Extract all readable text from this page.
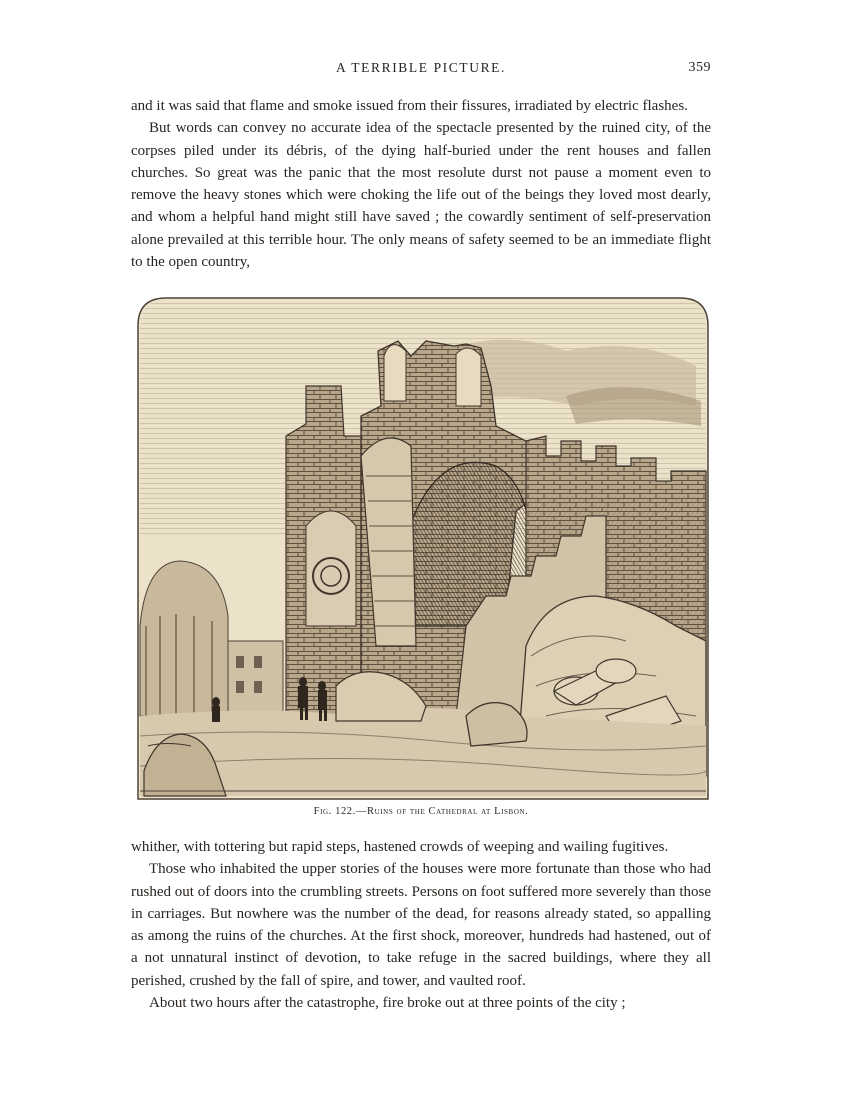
A TERRIBLE PICTURE.	359

and it was said that flame and smoke issued from their fissures, irradiated by electric flashes.

But words can convey no accurate idea of the spectacle presented by the ruined city, of the corpses piled under its débris, of the dying half-buried under the rent houses and fallen churches. So great was the panic that the most resolute durst not pause a moment even to remove the heavy stones which were choking the life out of the beings they loved most dearly, and whom a helpful hand might still have saved ; the cowardly sentiment of self-preservation alone prevailed at this terrible hour. The only means of safety seemed to be an immediate flight to the open country,

Fig. 122.—Ruins of the Cathedral at Lisbon.

whither, with tottering but rapid steps, hastened crowds of weeping and wailing fugitives.

Those who inhabited the upper stories of the houses were more fortunate than those who had rushed out of doors into the crumbling streets. Persons on foot suffered more severely than those in carriages. But nowhere was the number of the dead, for reasons already stated, so appalling as among the ruins of the churches. At the first shock, moreover, hundreds had hastened, out of a not unnatural instinct of devotion, to take refuge in the sacred buildings, where they all perished, crushed by the fall of spire, and tower, and vaulted roof.

About two hours after the catastrophe, fire broke out at three points of the city ;
